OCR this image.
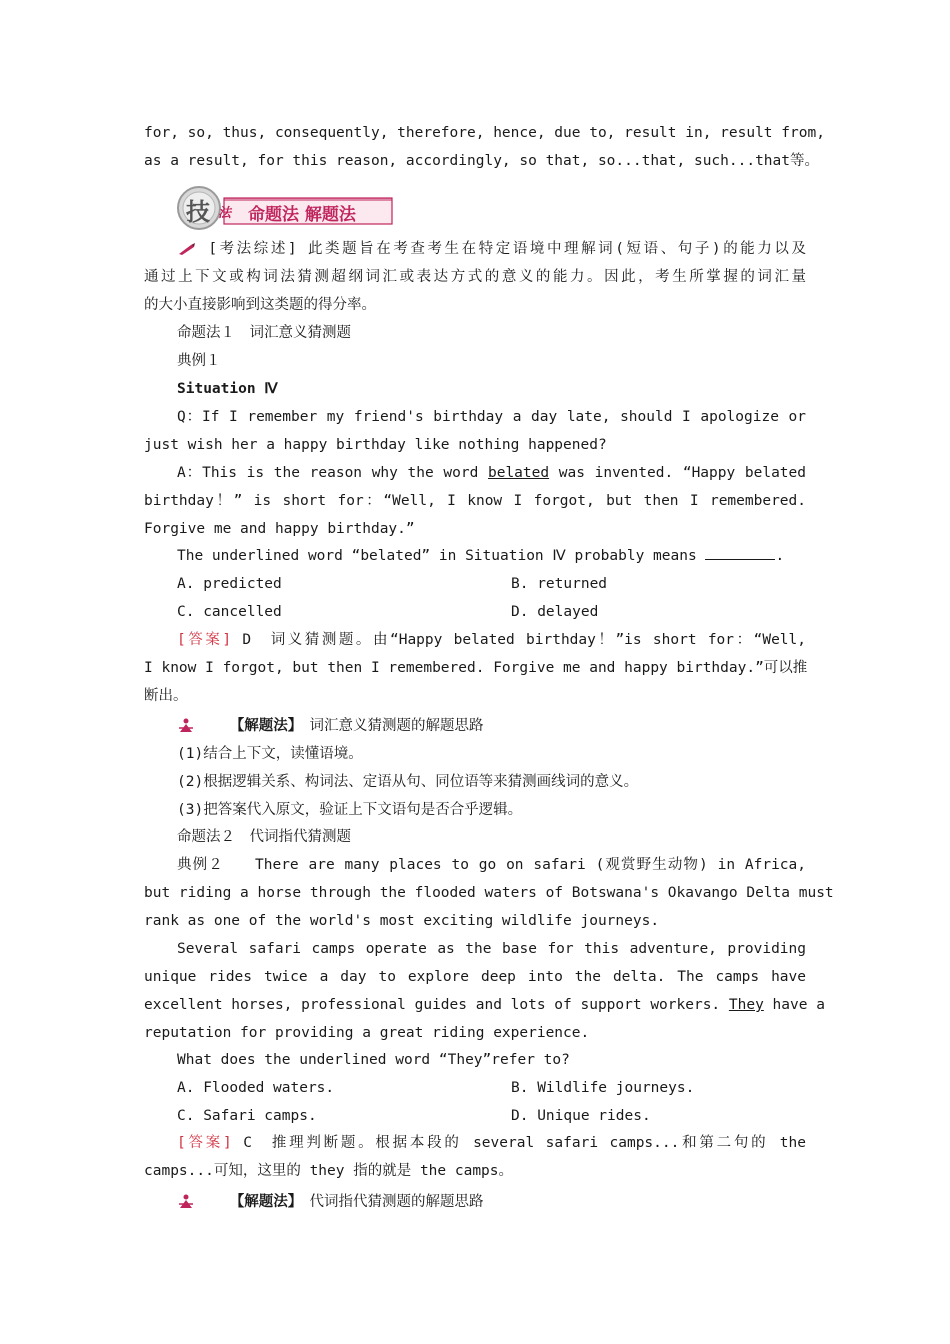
for, so, thus, consequently, therefore, hence, due to, result in, result from,
as a result, for this reason, accordingly, so that, so...that, such...that等。
技 法 命题法 解题法
[考法综述] 此类题旨在考查考生在特定语境中理解词(短语、句子)的能力以及
通过上下文或构词法猜测超纲词汇或表达方式的意义的能力。因此，考生所掌握的词汇量
的大小直接影响到这类题的得分率。
命题法１　词汇意义猜测题
典例１
Situation Ⅳ
Q：If I remember my friend's birthday a day late, should I apologize or
just wish her a happy birthday like nothing happened?
A：This is the reason why the word belated was invented. “Happy belated
birthday！” is short for：“Well, I know I forgot, but then I remembered.
Forgive me and happy birthday.”
The underlined word “belated” in Situation Ⅳ probably means	.
A. predicted	B. returned
C. cancelled	D. delayed
[答案] D　词义猜测题。由“Happy belated birthday！”is short for：“Well,
I know I forgot, but then I remembered. Forgive me and happy birthday.”可以推
断出。
【解题法】　 词汇意义猜测题的解题思路
(1)结合上下文，读懂语境。
(2)根据逻辑关系、构词法、定语从句、同位语等来猜测画线词的意义。
(3)把答案代入原文，验证上下文语句是否合乎逻辑。
命题法２　代词指代猜测题
典例２　　There are many places to go on safari (观赏野生动物) in Africa,
but riding a horse through the flooded waters of Botswana's Okavango Delta must
rank as one of the world's most exciting wildlife journeys.
Several safari camps operate as the base for this adventure, providing
unique rides twice a day to explore deep into the delta. The camps have
excellent horses, professional guides and lots of support workers. They have a
reputation for providing a great riding experience.
What does the underlined word “They”refer to?
A. Flooded waters.	B. Wildlife journeys.
C. Safari camps.	D. Unique rides.
[答案] C　推理判断题。根据本段的 several safari camps...和第二句的 the
camps...可知，这里的 they 指的就是 the camps。
【解题法】　 代词指代猜测题的解题思路
